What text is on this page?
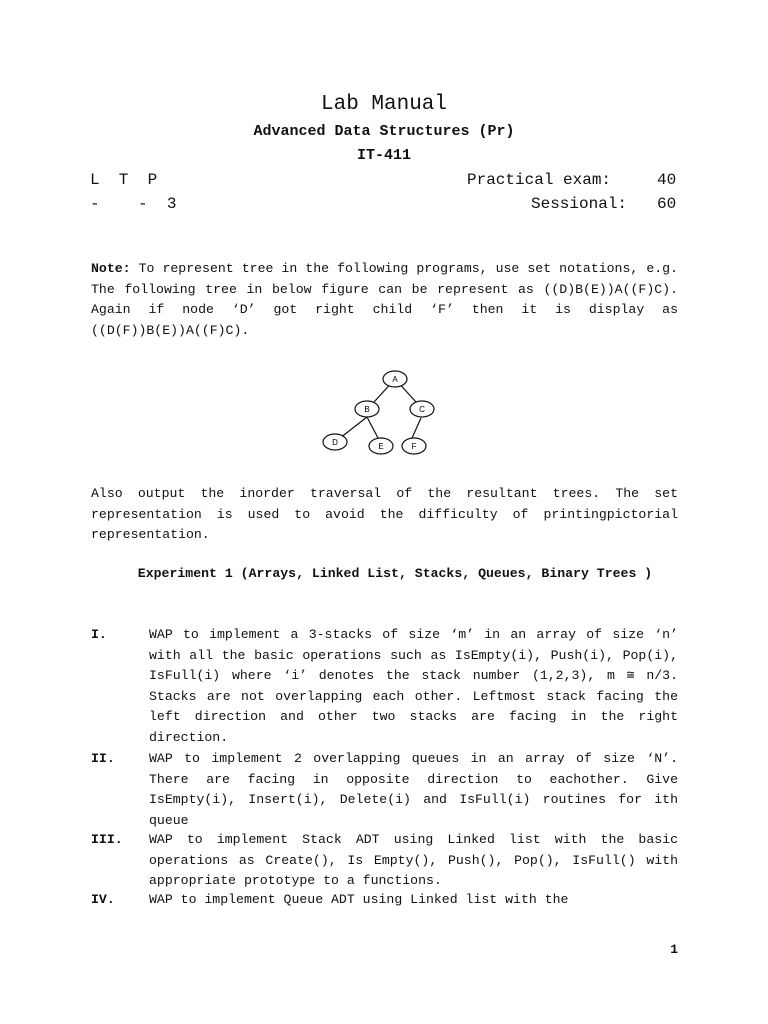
Lab Manual
Advanced Data Structures (Pr)
IT-411
L  T  P
-    -  3
Practical exam:	40
Sessional: 60
Note: To represent tree in the following programs, use set notations, e.g. The following tree in below figure can be represent as ((D)B(E))A((F)C). Again if node ‘D’ got right child ‘F’ then it is display as ((D(F))B(E))A((F)C).
A
B	C
D	E	F
Also output the inorder traversal of the resultant trees. The set representation is used to avoid the difficulty of printingpictorial representation.
Experiment 1 (Arrays, Linked List, Stacks, Queues, Binary Trees )
I.	WAP to implement a 3-stacks of size ‘m’ in an array of size ‘n’ with all the basic operations such as IsEmpty(i), Push(i), Pop(i), IsFull(i) where ‘i’ denotes the stack number (1,2,3), m ≅ n/3. Stacks are not overlapping each other. Leftmost stack facing the left direction and other two stacks are facing in the right direction.
II.	WAP to implement 2 overlapping queues in an array of size ‘N’. There are facing in opposite direction to eachother. Give IsEmpty(i), Insert(i), Delete(i) and IsFull(i) routines for ith queue
III. WAP to implement Stack ADT using Linked list with the basic operations as Create(), Is Empty(), Push(), Pop(), IsFull() with appropriate prototype to a functions.
IV.	WAP to implement Queue ADT using Linked list with the
1
